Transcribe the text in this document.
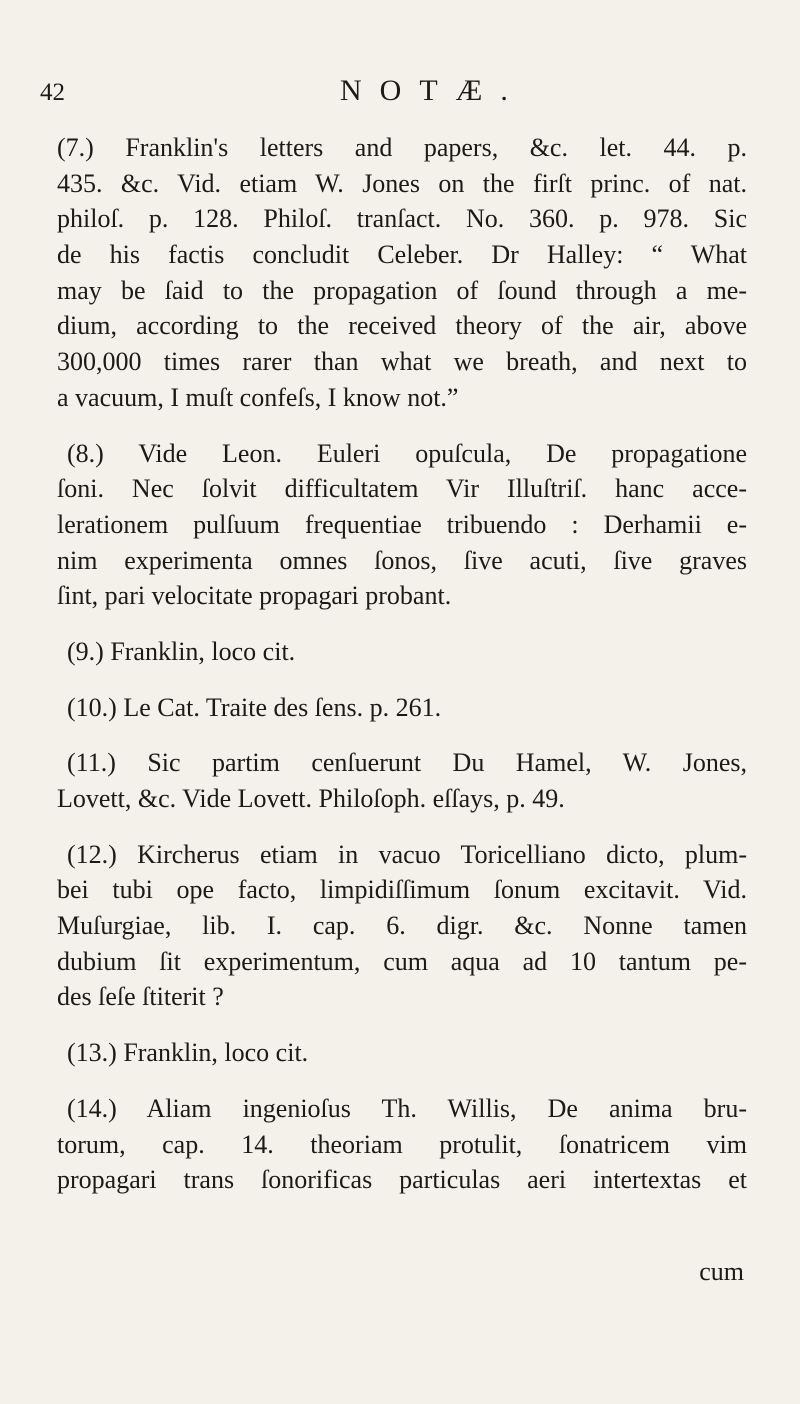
42	NOTÆ.
(7.) Franklin's letters and papers, &c. let. 44. p.
435. &c. Vid. etiam W. Jones on the firſt princ. of nat.
philoſ. p. 128. Philoſ. tranſact. No. 360. p. 978. Sic
de his factis concludit Celeber. Dr Halley: “ What
may be ſaid to the propagation of ſound through a me-
dium, according to the received theory of the air, above
300,000 times rarer than what we breath, and next to
a vacuum, I muſt confeſs, I know not.”
(8.) Vide Leon. Euleri opuſcula, De propagatione
ſoni. Nec ſolvit difficultatem Vir Illuſtriſ. hanc acce-
lerationem pulſuum frequentiae tribuendo : Derhamii e-
nim experimenta omnes ſonos, ſive acuti, ſive graves
ſint, pari velocitate propagari probant.
(9.) Franklin, loco cit.
(10.) Le Cat. Traite des ſens. p. 261.
(11.) Sic partim cenſuerunt Du Hamel, W. Jones,
Lovett, &c. Vide Lovett. Philoſoph. eſſays, p. 49.
(12.) Kircherus etiam in vacuo Toricelliano dicto, plum-
bei tubi ope facto, limpidiſſimum ſonum excitavit. Vid.
Muſurgiae, lib. I. cap. 6. digr. &c. Nonne tamen
dubium ſit experimentum, cum aqua ad 10 tantum pe-
des ſeſe ſtiterit ?
(13.) Franklin, loco cit.
(14.) Aliam ingenioſus Th. Willis, De anima bru-
torum, cap. 14. theoriam protulit, ſonatricem vim
propagari trans ſonorificas particulas aeri intertextas et
cum
